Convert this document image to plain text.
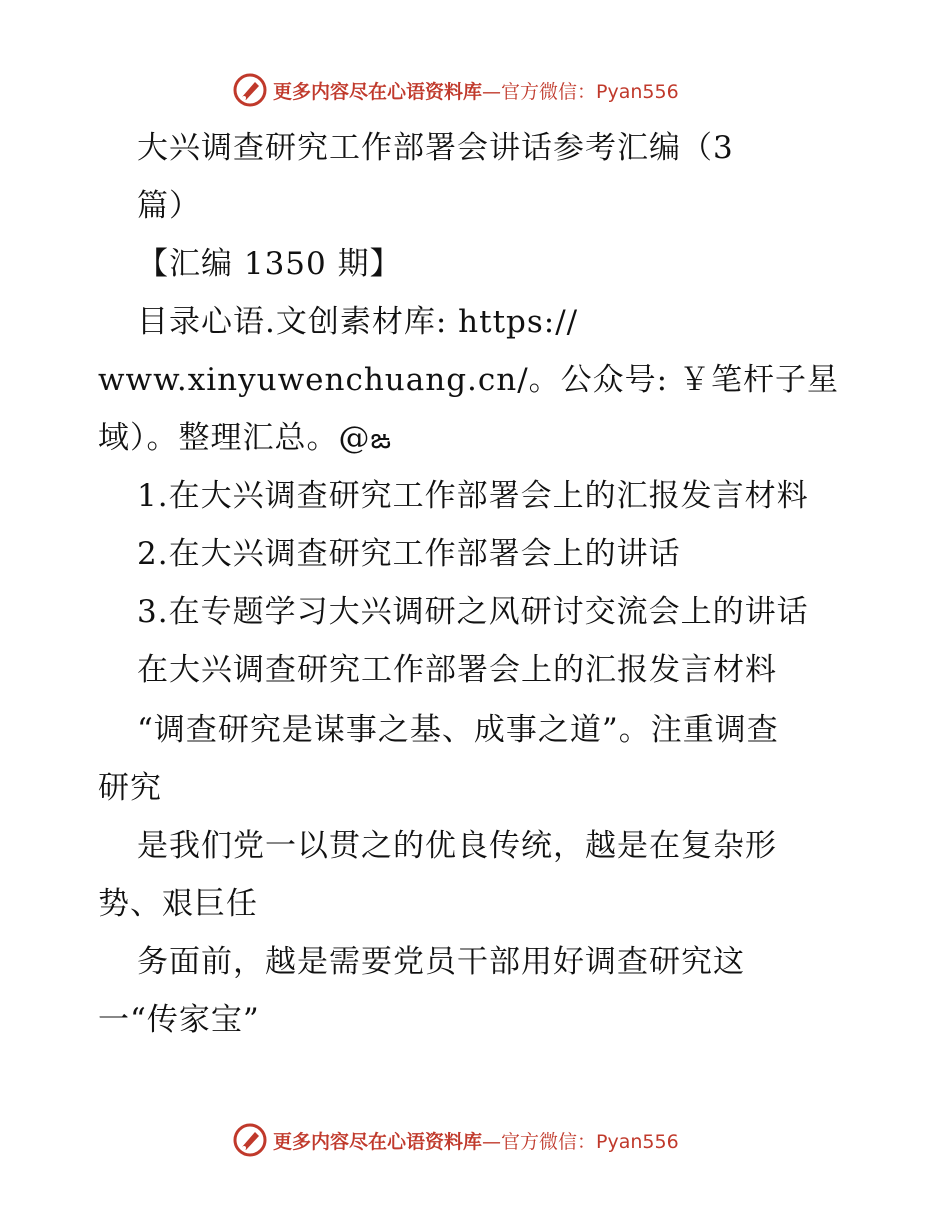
更多内容尽在心语资料库—官方微信：Pyan556
大兴调查研究工作部署会讲话参考汇编（3
篇）
【汇编 1350 期】
目录心语.文创素材库: https://
www.xinyuwenchuang.cn/。公众号: ￥笔杆子星
域）。整理汇总。@ఙ
1.在大兴调查研究工作部署会上的汇报发言材料
2.在大兴调查研究工作部署会上的讲话
3.在专题学习大兴调研之风研讨交流会上的讲话
在大兴调查研究工作部署会上的汇报发言材料
“调查研究是谋事之基、成事之道”。注重调查
研究
是我们党一以贯之的优良传统，越是在复杂形
势、艰巨任
务面前，越是需要党员干部用好调查研究这
一“传家宝”
更多内容尽在心语资料库—官方微信：Pyan556
